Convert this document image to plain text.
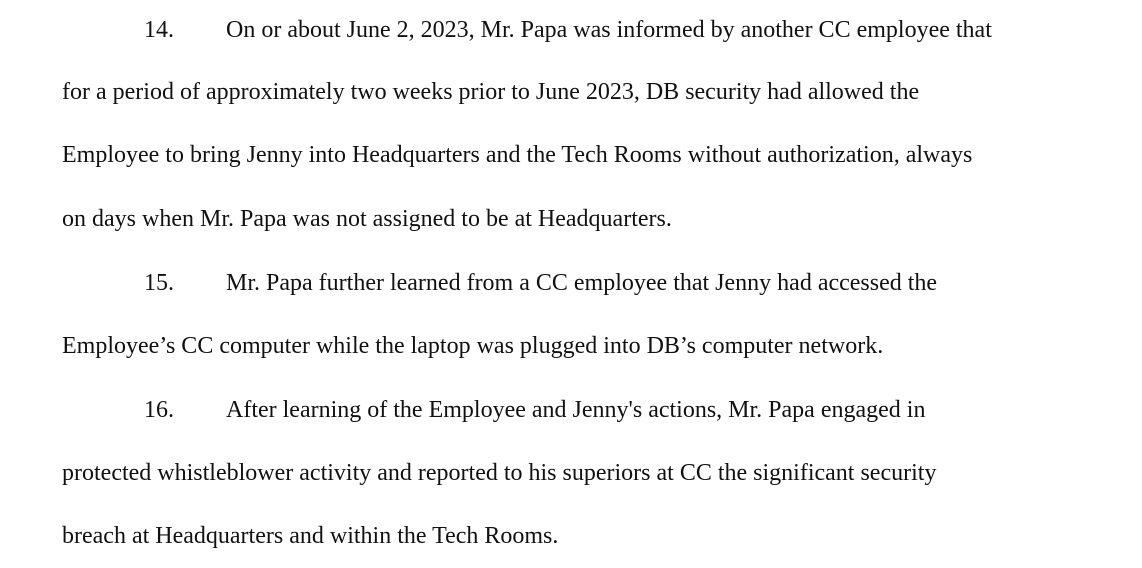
14. On or about June 2, 2023, Mr. Papa was informed by another CC employee that
for a period of approximately two weeks prior to June 2023, DB security had allowed the
Employee to bring Jenny into Headquarters and the Tech Rooms without authorization, always
on days when Mr. Papa was not assigned to be at Headquarters.
15. Mr. Papa further learned from a CC employee that Jenny had accessed the
Employee’s CC computer while the laptop was plugged into DB’s computer network.
16. After learning of the Employee and Jenny's actions, Mr. Papa engaged in
protected whistleblower activity and reported to his superiors at CC the significant security
breach at Headquarters and within the Tech Rooms.
